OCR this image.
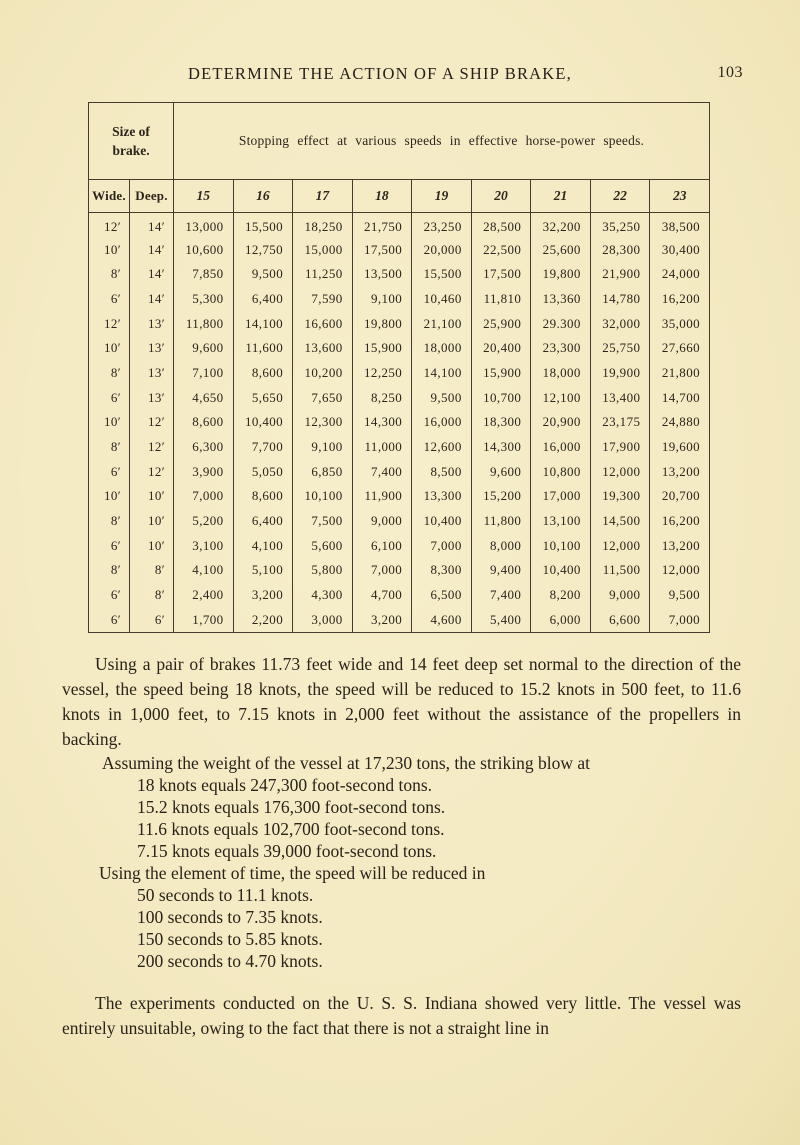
DETERMINE THE ACTION OF A SHIP BRAKE,	103
Size of brake.		Stopping effect at various speeds in effective horse-power speeds.								
Wide.	Deep.	15	16	17	18	19	20	21	22	23
12′	14′	13,000	15,500	18,250	21,750	23,250	28,500	32,200	35,250	38,500
10′	14′	10,600	12,750	15,000	17,500	20,000	22,500	25,600	28,300	30,400
8′	14′	7,850	9,500	11,250	13,500	15,500	17,500	19,800	21,900	24,000
6′	14′	5,300	6,400	7,590	9,100	10,460	11,810	13,360	14,780	16,200
12′	13′	11,800	14,100	16,600	19,800	21,100	25,900	29.300	32,000	35,000
10′	13′	9,600	11,600	13,600	15,900	18,000	20,400	23,300	25,750	27,660
8′	13′	7,100	8,600	10,200	12,250	14,100	15,900	18,000	19,900	21,800
6′	13′	4,650	5,650	7,650	8,250	9,500	10,700	12,100	13,400	14,700
10′	12′	8,600	10,400	12,300	14,300	16,000	18,300	20,900	23,175	24,880
8′	12′	6,300	7,700	9,100	11,000	12,600	14,300	16,000	17,900	19,600
6′	12′	3,900	5,050	6,850	7,400	8,500	9,600	10,800	12,000	13,200
10′	10′	7,000	8,600	10,100	11,900	13,300	15,200	17,000	19,300	20,700
8′	10′	5,200	6,400	7,500	9,000	10,400	11,800	13,100	14,500	16,200
6′	10′	3,100	4,100	5,600	6,100	7,000	8,000	10,100	12,000	13,200
8′	8′	4,100	5,100	5,800	7,000	8,300	9,400	10,400	11,500	12,000
6′	8′	2,400	3,200	4,300	4,700	6,500	7,400	8,200	9,000	9,500
6′	6′	1,700	2,200	3,000	3,200	4,600	5,400	6,000	6,600	7,000

Using a pair of brakes 11.73 feet wide and 14 feet deep set normal to the direction of the vessel, the speed being 18 knots, the speed will be reduced to 15.2 knots in 500 feet, to 11.6 knots in 1,000 feet, to 7.15 knots in 2,000 feet without the assistance of the propellers in backing.

Assuming the weight of the vessel at 17,230 tons, the striking blow at

18 knots equals 247,300 foot-second tons.
15.2 knots equals 176,300 foot-second tons.
11.6 knots equals 102,700 foot-second tons.
7.15 knots equals 39,000 foot-second tons.

Using the element of time, the speed will be reduced in

50 seconds to 11.1 knots.
100 seconds to 7.35 knots.
150 seconds to 5.85 knots.
200 seconds to 4.70 knots.

The experiments conducted on the U. S. S. Indiana showed very little. The vessel was entirely unsuitable, owing to the fact that there is not a straight line in
